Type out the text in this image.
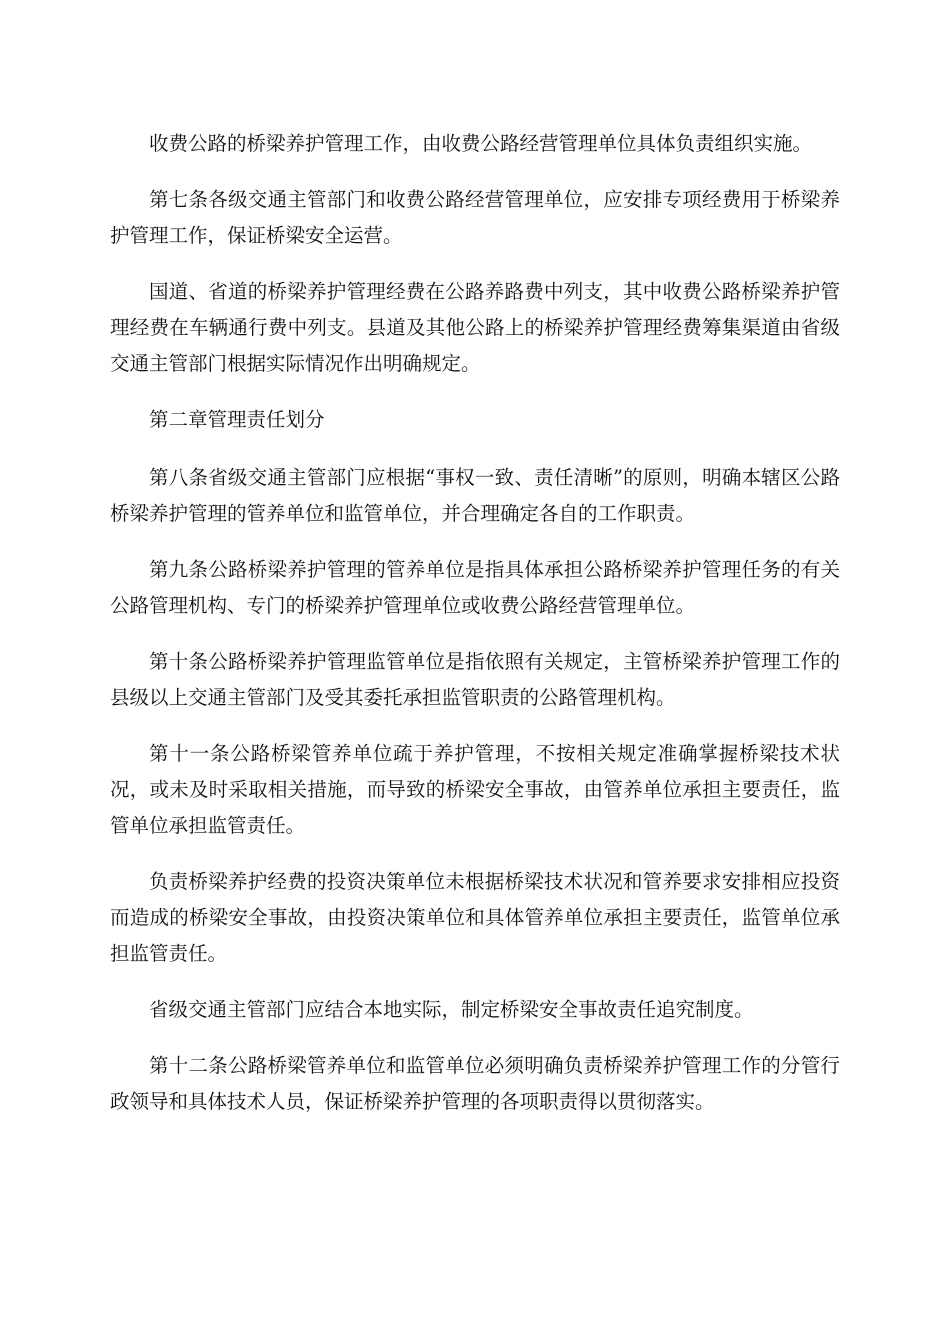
收费公路的桥梁养护管理工作，由收费公路经营管理单位具体负责组织实施。

第七条各级交通主管部门和收费公路经营管理单位，应安排专项经费用于桥梁养护管理工作，保证桥梁安全运营。

国道、省道的桥梁养护管理经费在公路养路费中列支，其中收费公路桥梁养护管理经费在车辆通行费中列支。县道及其他公路上的桥梁养护管理经费筹集渠道由省级交通主管部门根据实际情况作出明确规定。

第二章管理责任划分

第八条省级交通主管部门应根据“事权一致、责任清晰”的原则，明确本辖区公路桥梁养护管理的管养单位和监管单位，并合理确定各自的工作职责。

第九条公路桥梁养护管理的管养单位是指具体承担公路桥梁养护管理任务的有关公路管理机构、专门的桥梁养护管理单位或收费公路经营管理单位。

第十条公路桥梁养护管理监管单位是指依照有关规定，主管桥梁养护管理工作的县级以上交通主管部门及受其委托承担监管职责的公路管理机构。

第十一条公路桥梁管养单位疏于养护管理，不按相关规定准确掌握桥梁技术状况，或未及时采取相关措施，而导致的桥梁安全事故，由管养单位承担主要责任，监管单位承担监管责任。

负责桥梁养护经费的投资决策单位未根据桥梁技术状况和管养要求安排相应投资而造成的桥梁安全事故，由投资决策单位和具体管养单位承担主要责任，监管单位承担监管责任。

省级交通主管部门应结合本地实际，制定桥梁安全事故责任追究制度。

第十二条公路桥梁管养单位和监管单位必须明确负责桥梁养护管理工作的分管行政领导和具体技术人员，保证桥梁养护管理的各项职责得以贯彻落实。
